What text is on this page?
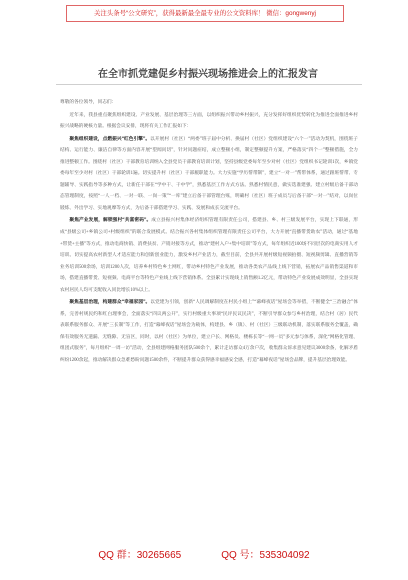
关注头条号“公文研究”，获得最新最全最专业的公文资料库！ 微信：gongwenyj
在全市抓党建促乡村振兴现场推进会上的汇报发言

尊敬的各位领导，同志们：

近年来，我县重点聚焦组织建设、产业发展、基层治理等三方面，以组织振兴带动乡村振兴，充分发挥好组织优势转化为推进全面推进乡村振兴战略的硬核力量。根据会议安排，现将有关工作汇报如下：

聚焦组织建设，点燃振兴“红色引擎”。以开展村（社区）“两委”班子届中分析、换届村（社区）党组织建设“六个一”活动为契机，围绕班子结构、运行能力、廉洁自律等方面内容开展“望闻问切”，针对问题症结，成立整顿小组，制定整顿提升方案，严格落实“四个一”整顿措施，全力推进整顿工作。围绕村（社区）干部教育培训纳入全县党员干部教育培训计划，坚持县级党委每年至少对村（社区）党组织书记轮训1次，乡镇党委每年至少对村（社区）干部轮训1遍。切实提升村（社区）干部履职能力。大力实施“学历帮带制”，建立“一对一”帮带体系，通过跟班帮带、专题辅导、实践指导等多种方式，让新任干部在“学中干、干中学”，熟悉基层工作方式方法。熟悉村情民意，做实选准建强、建立村级后备干部动态管理制度，按照“一人一档、一对一联、一岗一策”“一库”建立后备干部管理台账，明确村（社区）班子成员与后备干部“一对一”结对，以岗位锻炼、外出学习、实地观摩等方式，为后备干部搭建学习、实践、发展和成长交流平台。

聚焦产业发展，解锁强村“共富密码”。成立县振兴村集体经济组织管理有限责任公司，搭建县、乡、村三级发展平台，实现上下联通，形成“县级公司+乡镇公司+村级组织”的联合发展模式。结合振兴各村集体组织管理有限责任公司平台，大力开展“直播带货助农”活动，通过“基地+带货+主播”等方式，推动电商快销、消费扶贫、产销对接等方式，推动“建村入户+集中培训”等方式，每年组织近100场不同层次的电商实用人才培训。切实提高农村新型人才适应能力和创新创业能力，激发乡村产业活力，截至目前，全县共开展村级短视频拍摄、短视频剪辑、直播营销等业务培训500余场，培训1200人次，培养乡村特色乡土网红，带动乡村特色产业发展，推动各类农产品线上线下营销，拓展农产品销售渠道和市场，搭建直播带货、短视频、电商平台等特色产业线上线下营销体系。全县累计实现线上销售额1.2亿元，带动特色产业发展成效明显，全县实现农村居民人均可支配收入同比增长10%以上。

聚焦基层治理，构建群众“幸福家园”。以党建为引领，创新“人民调解制度在村民小组上”“幕峰夜话”屋场会等举措，不断健全“三治融合”体系，完善村规民约和红白理事会，全面落实“四议两公开”，实行村级重大事项“民评民议民决”，不断引导群众参与乡村治理，结合村（居）民代表联系服务群众、开展“三长制”等工作，打造“幕峰夜话”屋场会为载体，构建县、乡（镇）、村（社区）三级联动机制，落实联系服务全覆盖，确保有效服务无遗漏、无缝隙、无盲区，同时，以村（社区）为单位，建立户长、网格员、楼栋长等“一网一员”多元参与体系，深化“网格化管理、组团式服务”，每月组织“一周一访”活动，全县组建网格服务团队500余个，累计走访群众4万余户次，收集群众诉求意见建议3000余条，化解矛盾纠纷1200余起，推动解决群众急难愁盼问题1500余件，不断提升群众获得感幸福感安全感，打造“幕峰夜话”屋场会品牌，提升基层治理效能。

QQ 群：30265665	QQ 号：535304092
